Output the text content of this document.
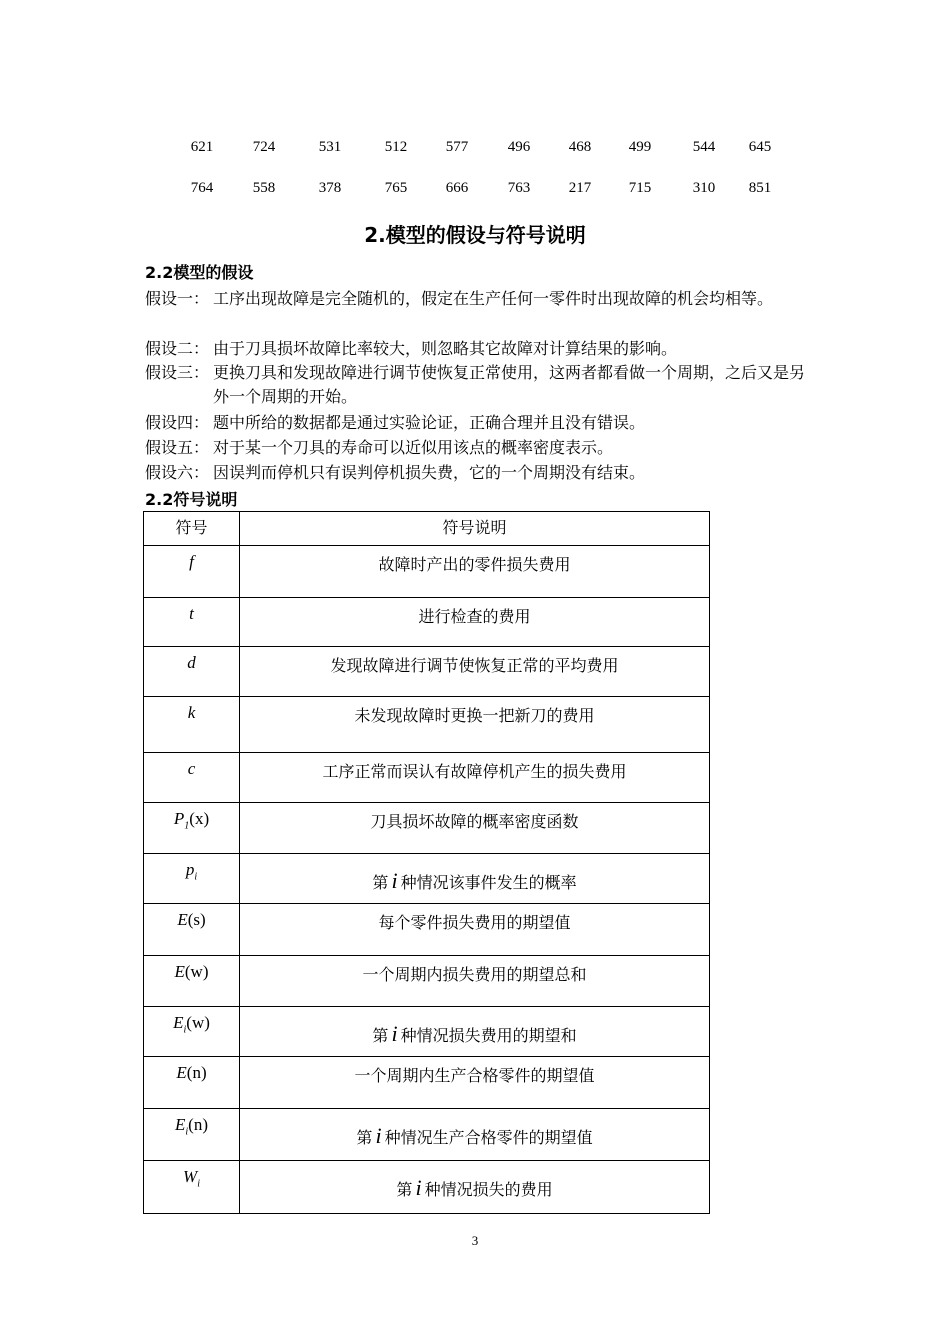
621	724	531	512	577	496	468	499	544 645
764	558	378	765	666	763	217	715	310 851
2.模型的假设与符号说明
2.2模型的假设
假设一： 工序出现故障是完全随机的，假定在生产任何一零件时出现故障的机会均相等。
假设二： 由于刀具损坏故障比率较大，则忽略其它故障对计算结果的影响。
假设三： 更换刀具和发现故障进行调节使恢复正常使用，这两者都看做一个周期，之后又是另外一个周期的开始。
假设四： 题中所给的数据都是通过实验论证，正确合理并且没有错误。
假设五： 对于某一个刀具的寿命可以近似用该点的概率密度表示。
假设六： 因误判而停机只有误判停机损失费，它的一个周期没有结束。
2.2符号说明
符号	符号说明

f	故障时产出的零件损失费用

t	进行检查的费用

d	发现故障进行调节使恢复正常的平均费用

k	未发现故障时更换一把新刀的费用

c	工序正常而误认有故障停机产生的损失费用

$P_1(x)$	刀具损坏故障的概率密度函数

$p_i$	第 i 种情况该事件发生的概率

E(s)	每个零件损失费用的期望值

E(w)	一个周期内损失费用的期望总和

$E_i(w)$	第 i 种情况损失费用的期望和

E(n)	一个周期内生产合格零件的期望值

$E_i(n)$	第 i 种情况生产合格零件的期望值

$W_i$	第 i 种情况损失的费用
3
